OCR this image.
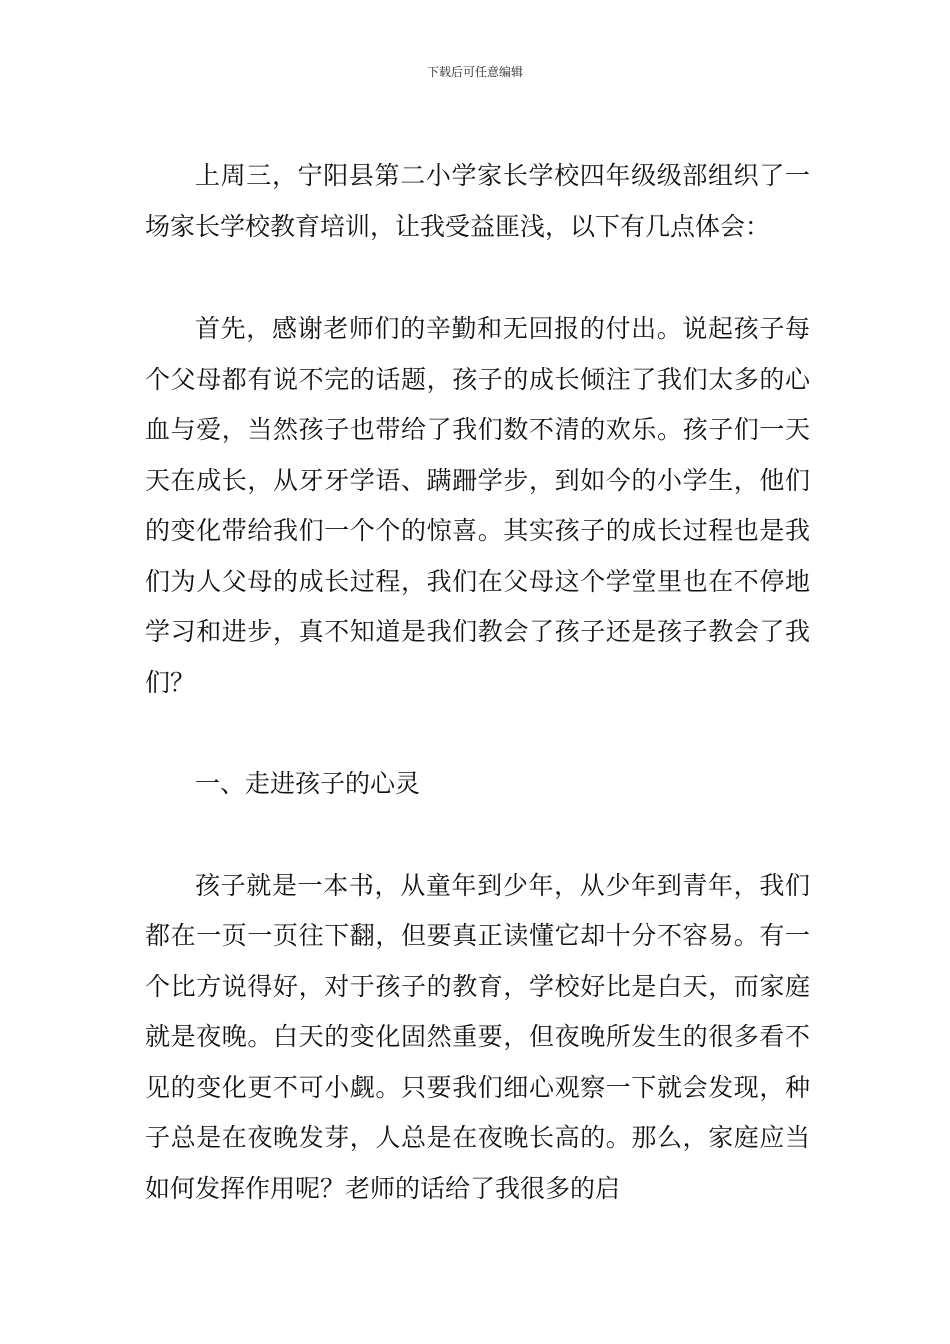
下载后可任意编辑

上周三，宁阳县第二小学家长学校四年级级部组织了一场家长学校教育培训，让我受益匪浅，以下有几点体会：

首先，感谢老师们的辛勤和无回报的付出。说起孩子每个父母都有说不完的话题，孩子的成长倾注了我们太多的心血与爱，当然孩子也带给了我们数不清的欢乐。孩子们一天天在成长，从牙牙学语、蹒跚学步，到如今的小学生，他们的变化带给我们一个个的惊喜。其实孩子的成长过程也是我们为人父母的成长过程，我们在父母这个学堂里也在不停地学习和进步，真不知道是我们教会了孩子还是孩子教会了我们？

一、走进孩子的心灵

孩子就是一本书，从童年到少年，从少年到青年，我们都在一页一页往下翻，但要真正读懂它却十分不容易。有一个比方说得好，对于孩子的教育，学校好比是白天，而家庭就是夜晚。白天的变化固然重要，但夜晚所发生的很多看不见的变化更不可小觑。只要我们细心观察一下就会发现，种子总是在夜晚发芽，人总是在夜晚长高的。那么，家庭应当如何发挥作用呢？老师的话给了我很多的启
